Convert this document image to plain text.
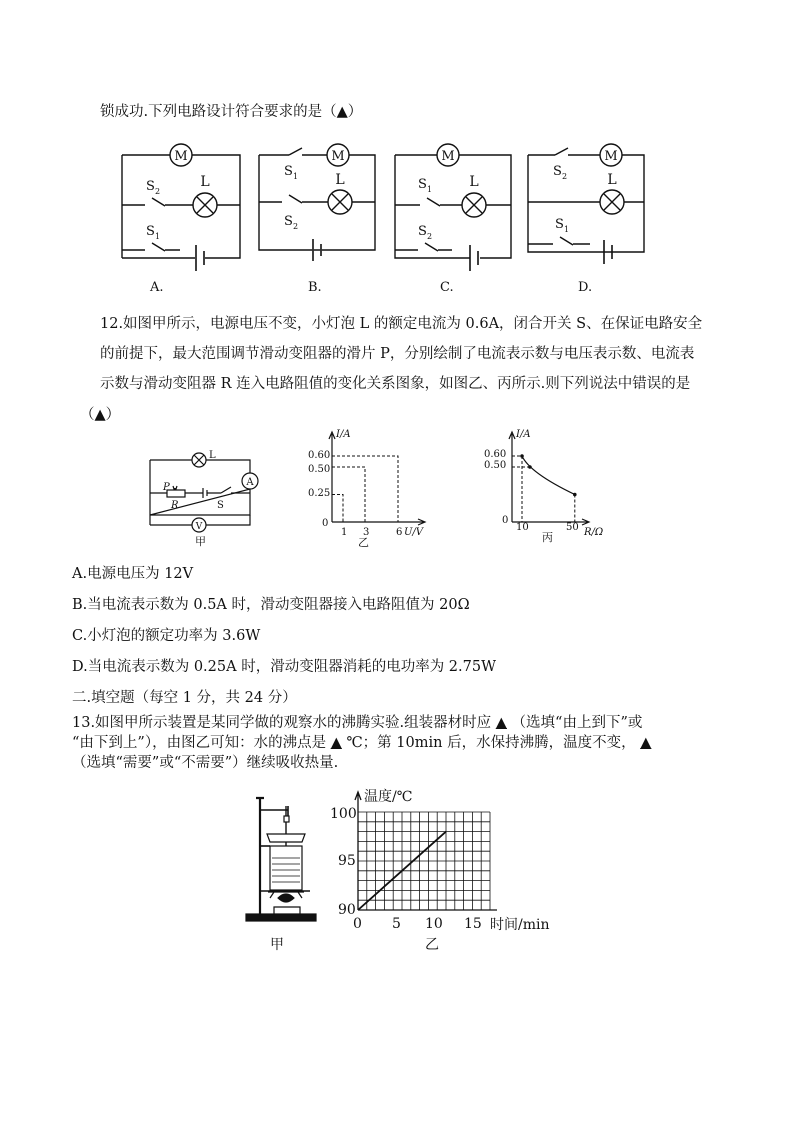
锁成功.下列电路设计符合要求的是（▲）
M
L
S 2
S 1
M
S 1	L
S 2
M
L
S 1
S 2
M
S 2	L
S 1
A.	B.	C.	D.
12.如图甲所示，电源电压不变，小灯泡 L 的额定电流为 0.6A，闭合开关 S、在保证电路安全
的前提下，最大范围调节滑动变阻器的滑片 P，分别绘制了电流表示数与电压表示数、电流表
示数与滑动变阻器 R 连入电路阻值的变化关系图象，如图乙、丙所示.则下列说法中错误的是
（▲）
L
A
P
R	S
V
甲
I/A
U/V
0
1 3	6
0.25
0.50
0.60
乙
I/A
R/Ω
0
10	50
0.50
0.60
丙
A.电源电压为 12V
B.当电流表示数为 0.5A 时，滑动变阻器接入电路阻值为 20Ω
C.小灯泡的额定功率为 3.6W
D.当电流表示数为 0.25A 时，滑动变阻器消耗的电功率为 2.75W
二.填空题（每空 1 分，共 24 分）
13.如图甲所示装置是某同学做的观察水的沸腾实验.组装器材时应 ▲ （选填“由上到下”或
“由下到上”），由图乙可知：水的沸点是 ▲ ℃；第 10min 后，水保持沸腾，温度不变， ▲
（选填“需要”或“不需要”）继续吸收热量.
甲
温度/℃
时间/min
100
95
90
0 5 10 15
乙
